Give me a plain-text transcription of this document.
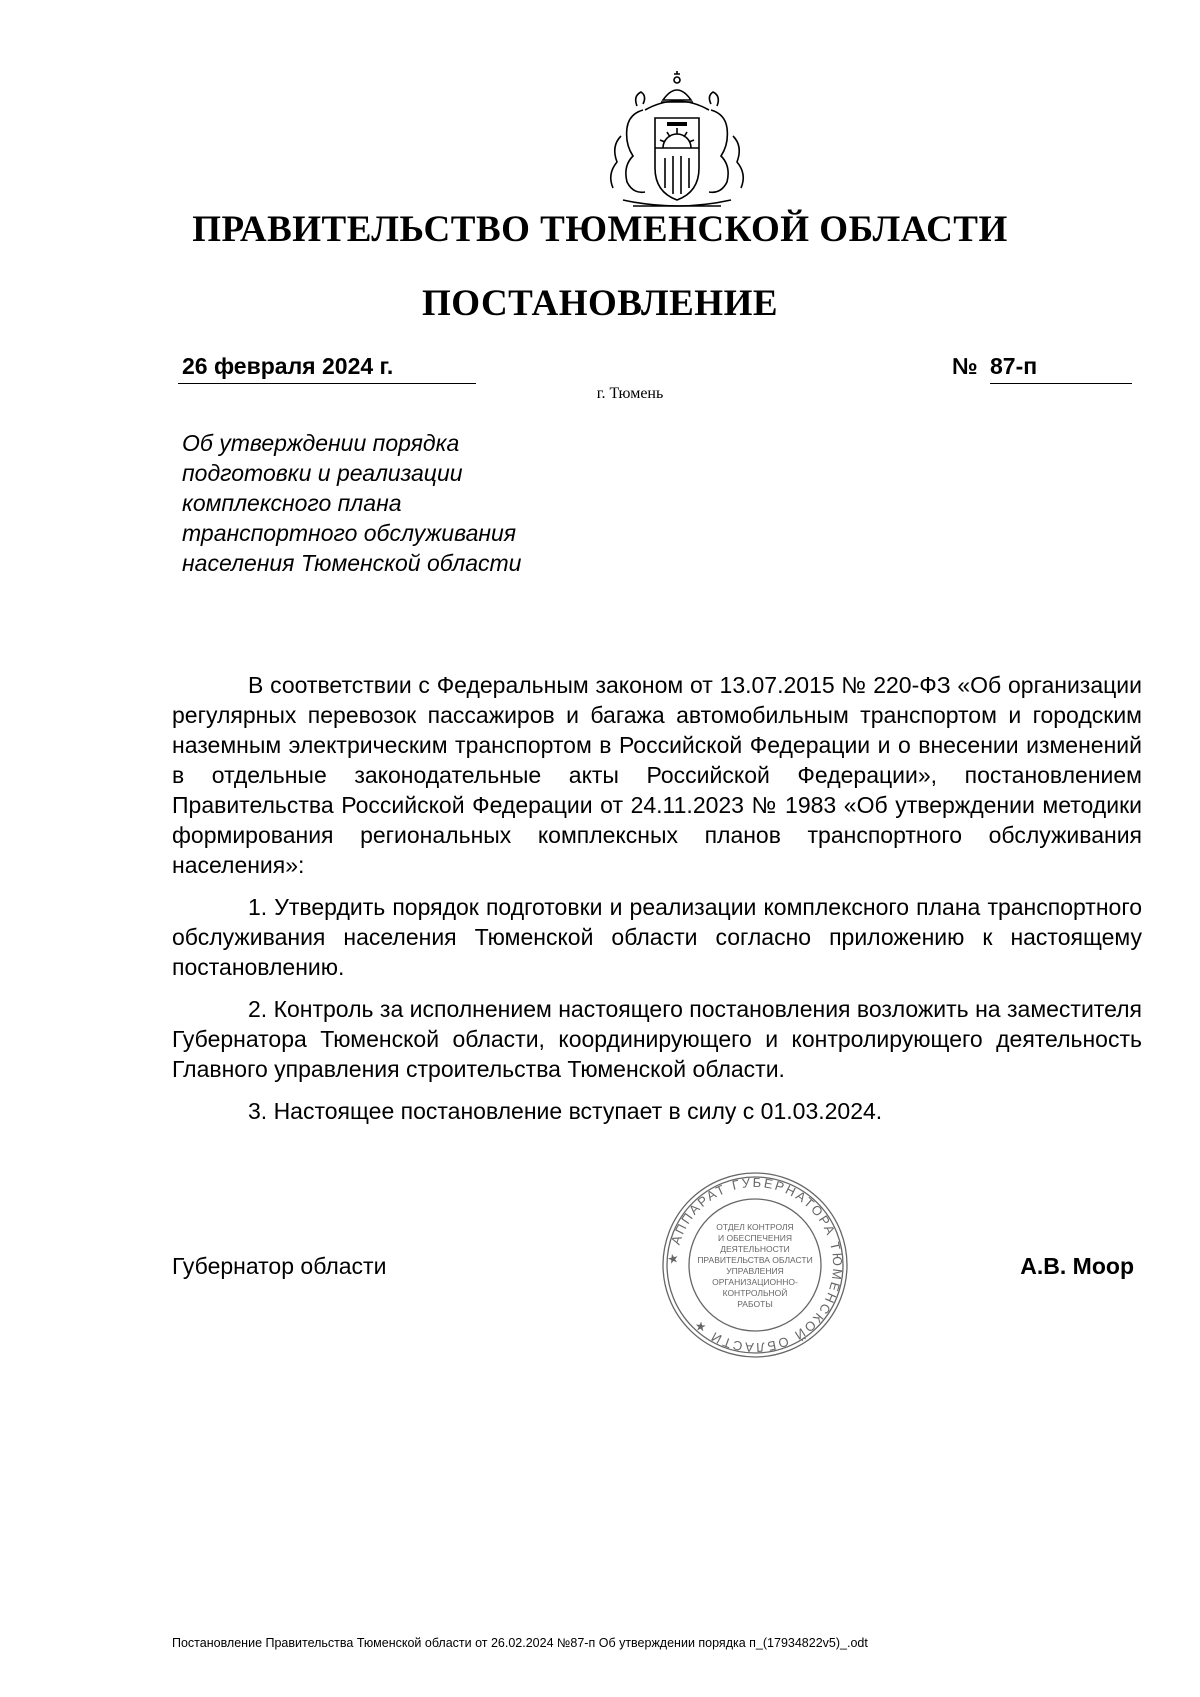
ПРАВИТЕЛЬСТВО ТЮМЕНСКОЙ ОБЛАСТИ
ПОСТАНОВЛЕНИЕ
26 февраля 2024 г.	№ 87-п
г. Тюмень
Об утверждении порядка
подготовки и реализации
комплексного плана
транспортного обслуживания
населения Тюменской области

В соответствии с Федеральным законом от 13.07.2015 № 220-ФЗ «Об организации регулярных перевозок пассажиров и багажа автомобильным транспортом и городским наземным электрическим транспортом в Российской Федерации и о внесении изменений в отдельные законодательные акты Российской Федерации», постановлением Правительства Российской Федерации от 24.11.2023 № 1983 «Об утверждении методики формирования региональных комплексных планов транспортного обслуживания населения»:

1. Утвердить порядок подготовки и реализации комплексного плана транспортного обслуживания населения Тюменской области согласно приложению к настоящему постановлению.

2. Контроль за исполнением настоящего постановления возложить на заместителя Губернатора Тюменской области, координирующего и контролирующего деятельность Главного управления строительства Тюменской области.

3. Настоящее постановление вступает в силу с 01.03.2024.

Губернатор области	★ АППАРАТ ГУБЕРНАТОРА ТЮМЕНСКОЙ ОБЛАСТИ ★
ОТДЕЛ КОНТРОЛЯ
И ОБЕСПЕЧЕНИЯ
ДЕЯТЕЛЬНОСТИ
ПРАВИТЕЛЬСТВА ОБЛАСТИ
УПРАВЛЕНИЯ
ОРГАНИЗАЦИОННО-
КОНТРОЛЬНОЙ
РАБОТЫ
А.В. Моор
Постановление Правительства Тюменской области от 26.02.2024 №87-п Об утверждении порядка п_(17934822v5)_.odt
